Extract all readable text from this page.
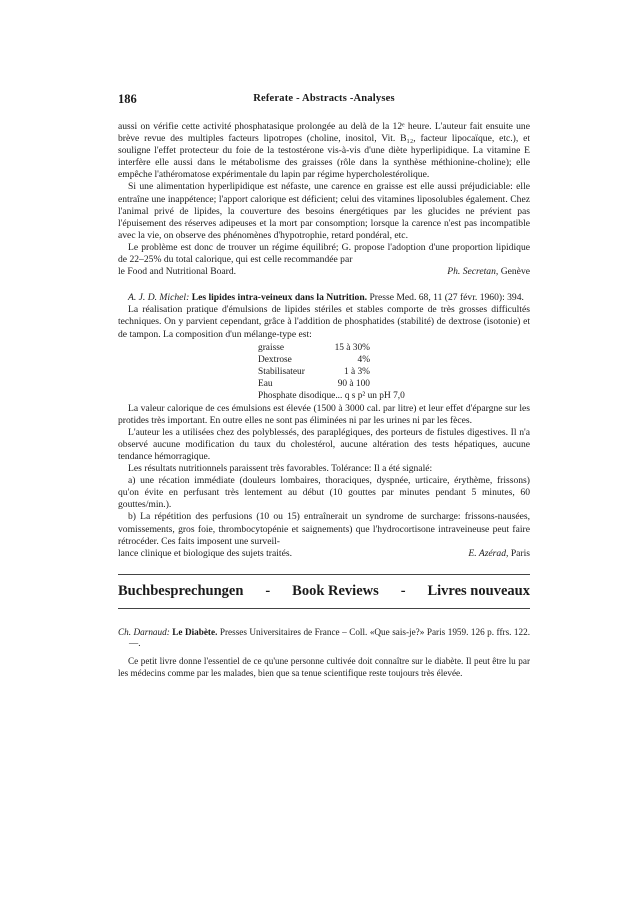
186	Referate - Abstracts -Analyses

aussi on vérifie cette activité phosphatasique prolongée au delà de la 12ᵉ heure. L'auteur fait ensuite une brève revue des multiples facteurs lipotropes (choline, inositol, Vit. B₁₂, facteur lipocaïque, etc.), et souligne l'effet protecteur du foie de la testostérone vis-à-vis d'une diète hyperlipidique. La vitamine E interfère elle aussi dans le métabolisme des graisses (rôle dans la synthèse méthionine-choline); elle empêche l'athéromatose expérimentale du lapin par régime hypercholestérolique.

Si une alimentation hyperlipidique est néfaste, une carence en graisse est elle aussi préjudiciable: elle entraîne une inappétence; l'apport calorique est déficient; celui des vitamines liposolubles également. Chez l'animal privé de lipides, la couverture des besoins énergétiques par les glucides ne prévient pas l'épuisement des réserves adipeuses et la mort par consomption; lorsque la carence n'est pas incompatible avec la vie, on observe des phénomènes d'hypotrophie, retard pondéral, etc.

Le problème est donc de trouver un régime équilibré; G. propose l'adoption d'une proportion lipidique de 22–25% du total calorique, qui est celle recommandée par

le Food and Nutritional Board.	Ph. Secretan, Genève

A. J. D. Michel: Les lipides intra-veineux dans la Nutrition. Presse Med. 68, 11 (27 févr. 1960): 394.

La réalisation pratique d'émulsions de lipides stériles et stables comporte de très grosses difficultés techniques. On y parvient cependant, grâce à l'addition de phosphatides (stabilité) de dextrose (isotonie) et de tampon. La composition d'un mélange-type est:

graisse	15 à 30%
Dextrose	4%
Stabilisateur	1 à 3%
Eau	90 à 100
Phosphate disodique... q s p² un pH 7,0

La valeur calorique de ces émulsions est élevée (1500 à 3000 cal. par litre) et leur effet d'épargne sur les protides très important. En outre elles ne sont pas éliminées ni par les urines ni par les fèces.

L'auteur les a utilisées chez des polyblessés, des paraplégiques, des porteurs de fistules digestives. Il n'a observé aucune modification du taux du cholestérol, aucune altération des tests hépatiques, aucune tendance hémorragique.

Les résultats nutritionnels paraissent très favorables. Tolérance: Il a été signalé:

a) une récation immédiate (douleurs lombaires, thoraciques, dyspnée, urticaire, érythème, frissons) qu'on évite en perfusant très lentement au début (10 gouttes par minutes pendant 5 minutes, 60 gouttes/min.).

b) La répétition des perfusions (10 ou 15) entraînerait un syndrome de surcharge: frissons-nausées, vomissements, gros foie, thrombocytopénie et saignements) que l'hydrocortisone intraveineuse peut faire rétrocéder. Ces faits imposent une surveil-

lance clinique et biologique des sujets traités.	E. Azérad, Paris

Buchbesprechungen - Book Reviews - Livres nouveaux

Ch. Darnaud: Le Diabète. Presses Universitaires de France – Coll. «Que sais-je?» Paris 1959. 126 p. ffrs. 122.—.

Ce petit livre donne l'essentiel de ce qu'une personne cultivée doit connaître sur le diabète. Il peut être lu par les médecins comme par les malades, bien que sa tenue scientifique reste toujours très élevée.
